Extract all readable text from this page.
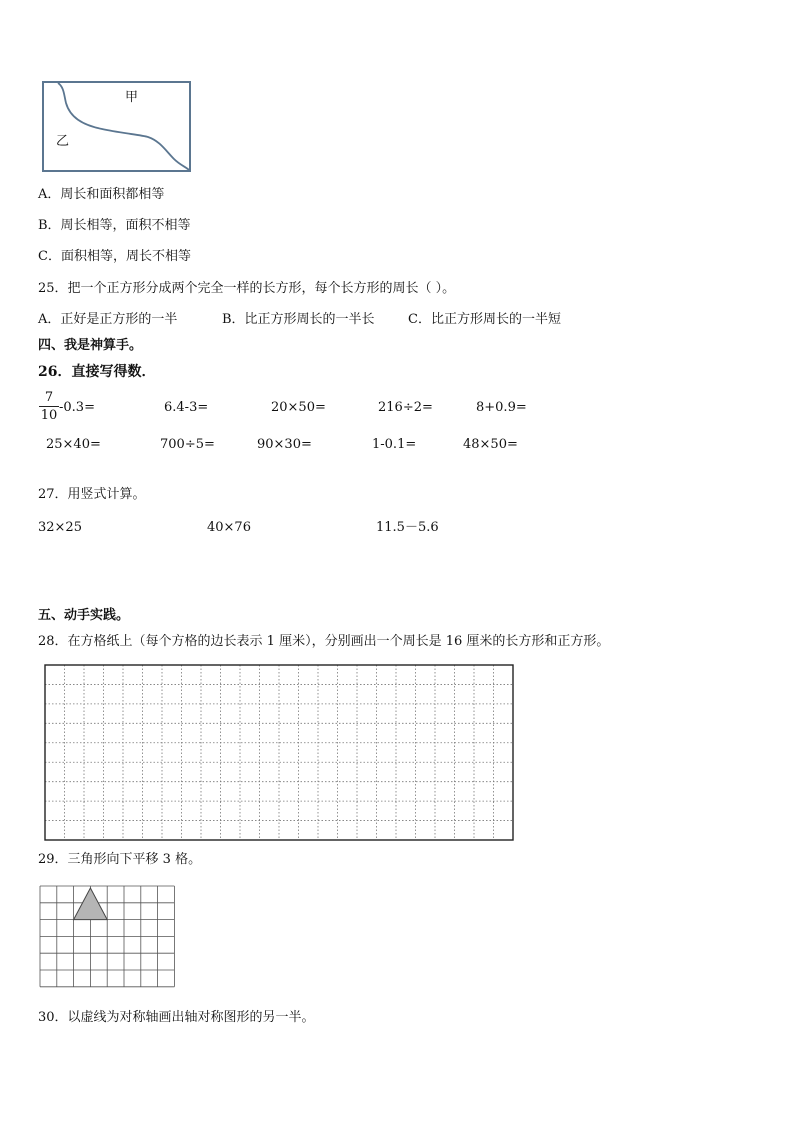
甲
乙
A．周长和面积都相等
B．周长相等，面积不相等
C．面积相等，周长不相等
25．把一个正方形分成两个完全一样的长方形，每个长方形的周长（ ）。
A．正好是正方形的一半	B．比正方形周长的一半长	C．比正方形周长的一半短
四、我是神算手。
26．直接写得数．
7
10
-0.3=	6.4-3=	20×50=	216÷2=	8+0.9=
25×40=	700÷5=	90×30=	1-0.1=	48×50=
27．用竖式计算。
32×25	40×76	11.5－5.6
五、动手实践。
28．在方格纸上（每个方格的边长表示 1 厘米），分别画出一个周长是 16 厘米的长方形和正方形。
29．三角形向下平移 3 格。
30．以虚线为对称轴画出轴对称图形的另一半。
